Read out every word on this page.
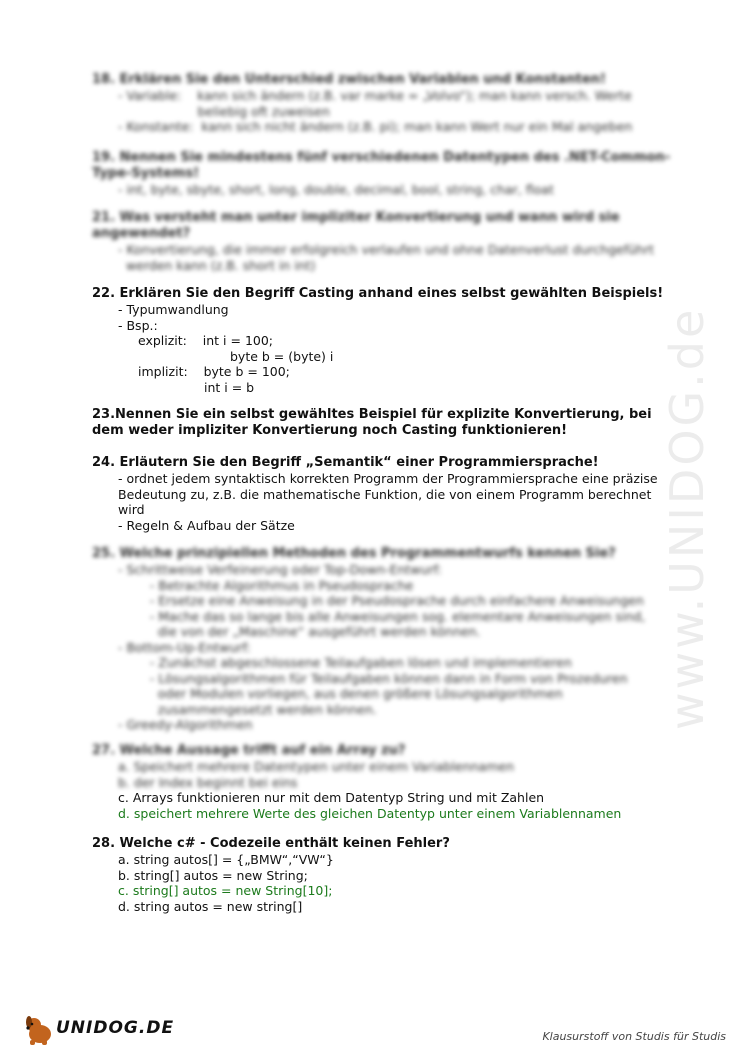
www.UNIDOG.de
18. Erklären Sie den Unterschied zwischen Variablen und Konstanten!
- Variable:    kann sich ändern (z.B. var marke = „Volvo“); man kann versch. Werte
beliebig oft zuweisen
- Konstante:  kann sich nicht ändern (z.B. pi); man kann Wert nur ein Mal angeben
19. Nennen Sie mindestens fünf verschiedenen Datentypen des .NET-Common-Type-Systems!
- int, byte, sbyte, short, long, double, decimal, bool, string, char, float
21. Was versteht man unter impliziter Konvertierung und wann wird sie angewendet?
- Konvertierung, die immer erfolgreich verlaufen und ohne Datenverlust durchgeführt
werden kann (z.B. short in int)
22. Erklären Sie den Begriff Casting anhand eines selbst gewählten Beispiels!
- Typumwandlung
- Bsp.:
explizit:    int i = 100;
byte b = (byte) i
implizit:    byte b = 100;
int i = b
23.Nennen Sie ein selbst gewähltes Beispiel für explizite Konvertierung, bei dem weder impliziter Konvertierung noch Casting funktionieren!
24. Erläutern Sie den Begriff „Semantik“ einer Programmiersprache!
- ordnet jedem syntaktisch korrekten Programm der Programmiersprache eine präzise Bedeutung zu, z.B. die mathematische Funktion, die von einem Programm berechnet wird
- Regeln & Aufbau der Sätze
25. Welche prinzipiellen Methoden des Programmentwurfs kennen Sie?
- Schrittweise Verfeinerung oder Top-Down-Entwurf:
- Betrachte Algorithmus in Pseudosprache
- Ersetze eine Anweisung in der Pseudosprache durch einfachere Anweisungen
- Mache das so lange bis alle Anweisungen sog. elementare Anweisungen sind,
die von der „Maschine“ ausgeführt werden können.
- Bottom-Up-Entwurf:
- Zunächst abgeschlossene Teilaufgaben lösen und implementieren
- Lösungsalgorithmen für Teilaufgaben können dann in Form von Prozeduren
oder Modulen vorliegen, aus denen größere Lösungsalgorithmen
zusammengesetzt werden können.
- Greedy-Algorithmen
27. Welche Aussage trifft auf ein Array zu?
a. Speichert mehrere Datentypen unter einem Variablennamen
b. der Index beginnt bei eins
c. Arrays funktionieren nur mit dem Datentyp String und mit Zahlen
d. speichert mehrere Werte des gleichen Datentyp unter einem Variablennamen
28. Welche c# - Codezeile enthält keinen Fehler?
a. string autos[] = {„BMW“,“VW“}
b. string[] autos = new String;
c. string[] autos = new String[10];
d. string autos = new string[]
UNIDOG.DE	Klausurstoff von Studis für Studis
